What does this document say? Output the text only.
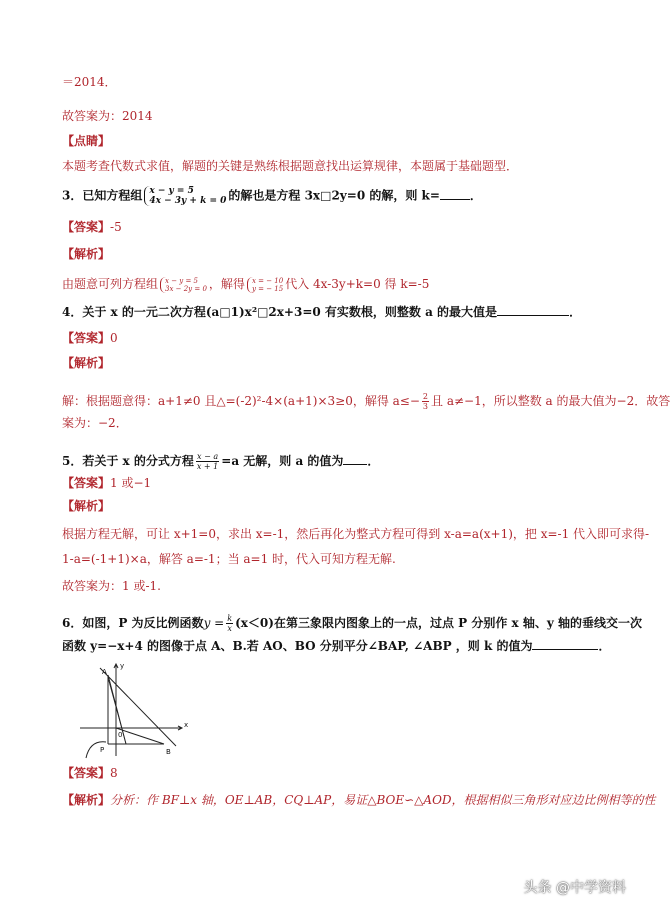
＝2014．
故答案为：2014
【点睛】
本题考查代数式求值，解题的关键是熟练根据题意找出运算规律，本题属于基础题型．
3．已知方程组 x − y = 5
4x − 3y + k = 0 的解也是方程 3x□2y=0 的解，则 k=	．
【答案】-5
【解析】
由题意可列方程组 x − y = 5
3x − 2y = 0 ，解得 x = − 10
y = − 15 代入 4x-3y+k=0 得 k=-5
4．关于 x 的一元二次方程(a□1)x²□2x+3=0 有实数根，则整数 a 的最大值是	．
【答案】0
【解析】
解：根据题意得：a+1≠0 且△=(-2)²-4×(a+1)×3≥0，解得 $a\le- \frac{2}{3}$ 且 a≠−1，所以整数 a 的最大值为−2．故答
案为：−2．
5．若关于 x 的分式方程 $\frac{x - a}{x + 1} =a$ 无解，则 a 的值为 ．
【答案】1 或−1
【解析】
根据方程无解，可让 x+1=0，求出 x=-1，然后再化为整式方程可得到 x-a=a(x+1)，把 x=-1 代入即可求得-
1-a=(-1+1)×a，解答 a=-1；当 a=1 时，代入可知方程无解.
故答案为：1 或-1.
6．如图，P 为反比例函数$y = \frac{k}{x} (x<0)$在第三象限内图象上的一点，过点 P 分别作 x 轴、y 轴的垂线交一次
函数 y=−x+4 的图像于点 A、B.若 AO、BO 分别平分∠BAP, ∠ABP ，则 k 的值为	．
y
x
A
B
P
0
【答案】8
【解析】分析：作 BF⊥x 轴，OE⊥AB，CQ⊥AP，易证△BOE∽△AOD，根据相似三角形对应边比例相等的性
头条 @中学资料
